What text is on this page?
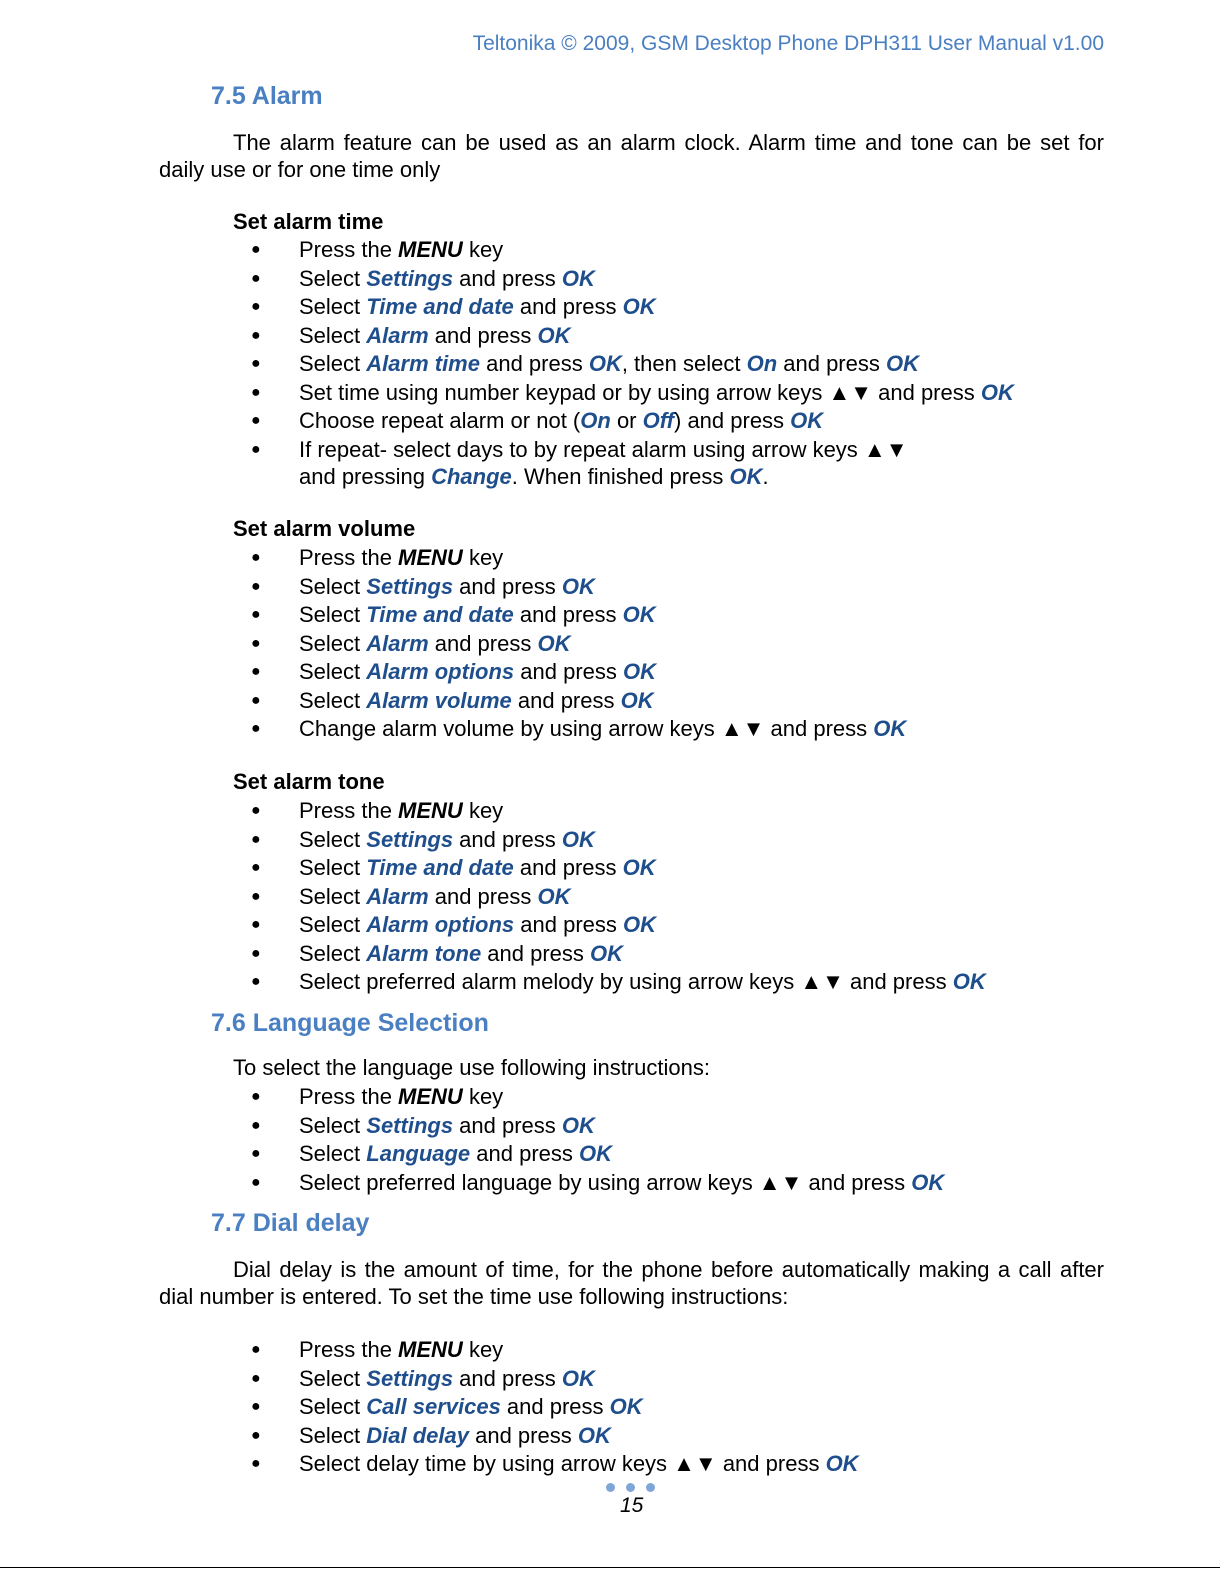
Teltonika © 2009, GSM Desktop Phone DPH311 User Manual v1.00
7.5 Alarm
The alarm feature can be used as an alarm clock. Alarm time and tone can be set for daily use or for one time only
Set alarm time
● Press the MENU key
● Select Settings and press OK
● Select Time and date and press OK
● Select Alarm and press OK
● Select Alarm time and press OK, then select On and press OK
● Set time using number keypad or by using arrow keys ▲▼ and press OK
● Choose repeat alarm or not (On or Off) and press OK
● If repeat- select days to by repeat alarm using arrow keys ▲▼
and pressing Change. When finished press OK.
Set alarm volume
● Press the MENU key
● Select Settings and press OK
● Select Time and date and press OK
● Select Alarm and press OK
● Select Alarm options and press OK
● Select Alarm volume and press OK
● Change alarm volume by using arrow keys ▲▼ and press OK
Set alarm tone
● Press the MENU key
● Select Settings and press OK
● Select Time and date and press OK
● Select Alarm and press OK
● Select Alarm options and press OK
● Select Alarm tone and press OK
● Select preferred alarm melody by using arrow keys ▲▼ and press OK
7.6 Language Selection
To select the language use following instructions:
● Press the MENU key
● Select Settings and press OK
● Select Language and press OK
● Select preferred language by using arrow keys ▲▼ and press OK
7.7 Dial delay
Dial delay is the amount of time, for the phone before automatically making a call after dial number is entered. To set the time use following instructions:
● Press the MENU key
● Select Settings and press OK
● Select Call services and press OK
● Select Dial delay and press OK
● Select delay time by using arrow keys ▲▼ and press OK
15
